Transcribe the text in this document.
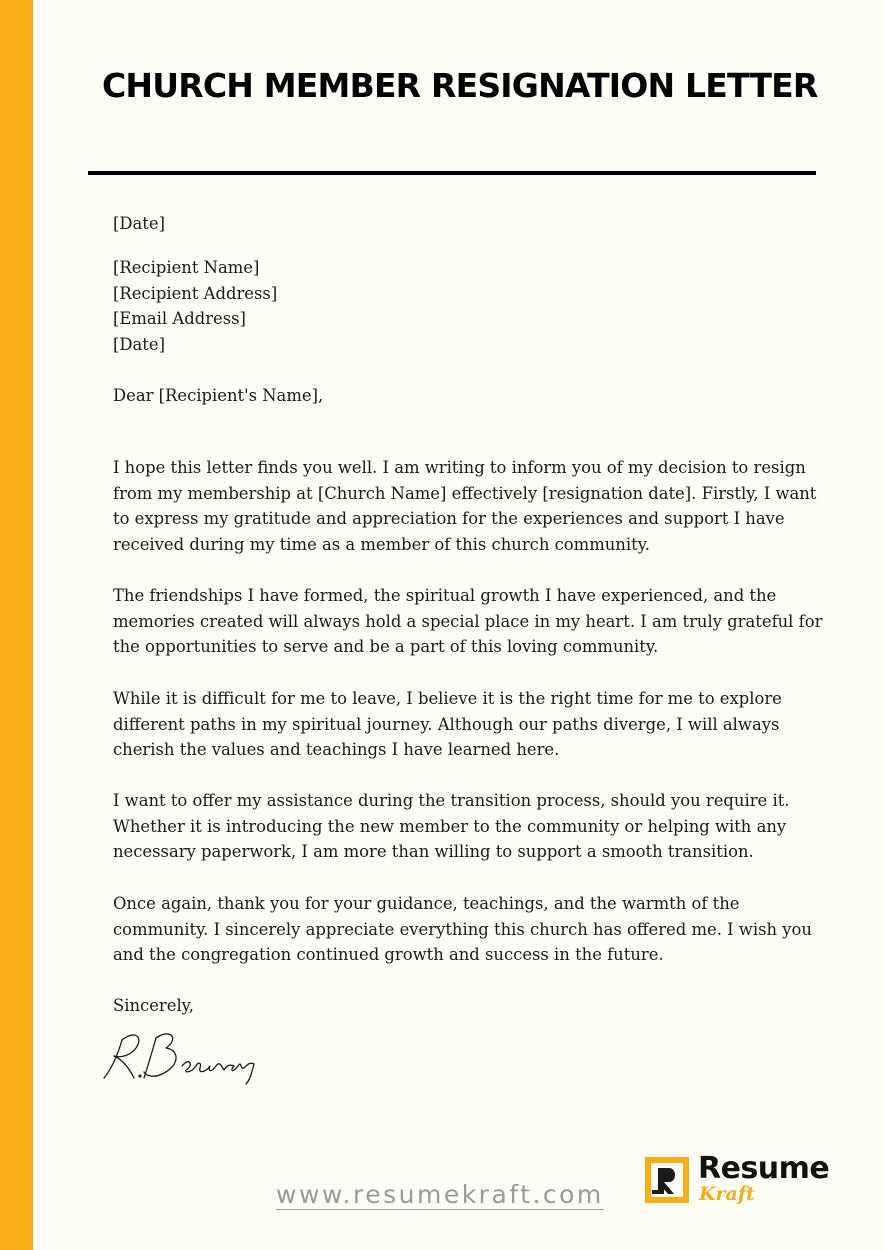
CHURCH MEMBER RESIGNATION LETTER
[Date]
[Recipient Name]
[Recipient Address]
[Email Address]
[Date]
Dear [Recipient's Name],
I hope this letter finds you well. I am writing to inform you of my decision to resign
from my membership at [Church Name] effectively [resignation date]. Firstly, I want
to express my gratitude and appreciation for the experiences and support I have
received during my time as a member of this church community.
The friendships I have formed, the spiritual growth I have experienced, and the
memories created will always hold a special place in my heart. I am truly grateful for
the opportunities to serve and be a part of this loving community.
While it is difficult for me to leave, I believe it is the right time for me to explore
different paths in my spiritual journey. Although our paths diverge, I will always
cherish the values and teachings I have learned here.
I want to offer my assistance during the transition process, should you require it.
Whether it is introducing the new member to the community or helping with any
necessary paperwork, I am more than willing to support a smooth transition.
Once again, thank you for your guidance, teachings, and the warmth of the
community. I sincerely appreciate everything this church has offered me. I wish you
and the congregation continued growth and success in the future.
Sincerely,
www.resumekraft.com
Resume
Kraft
